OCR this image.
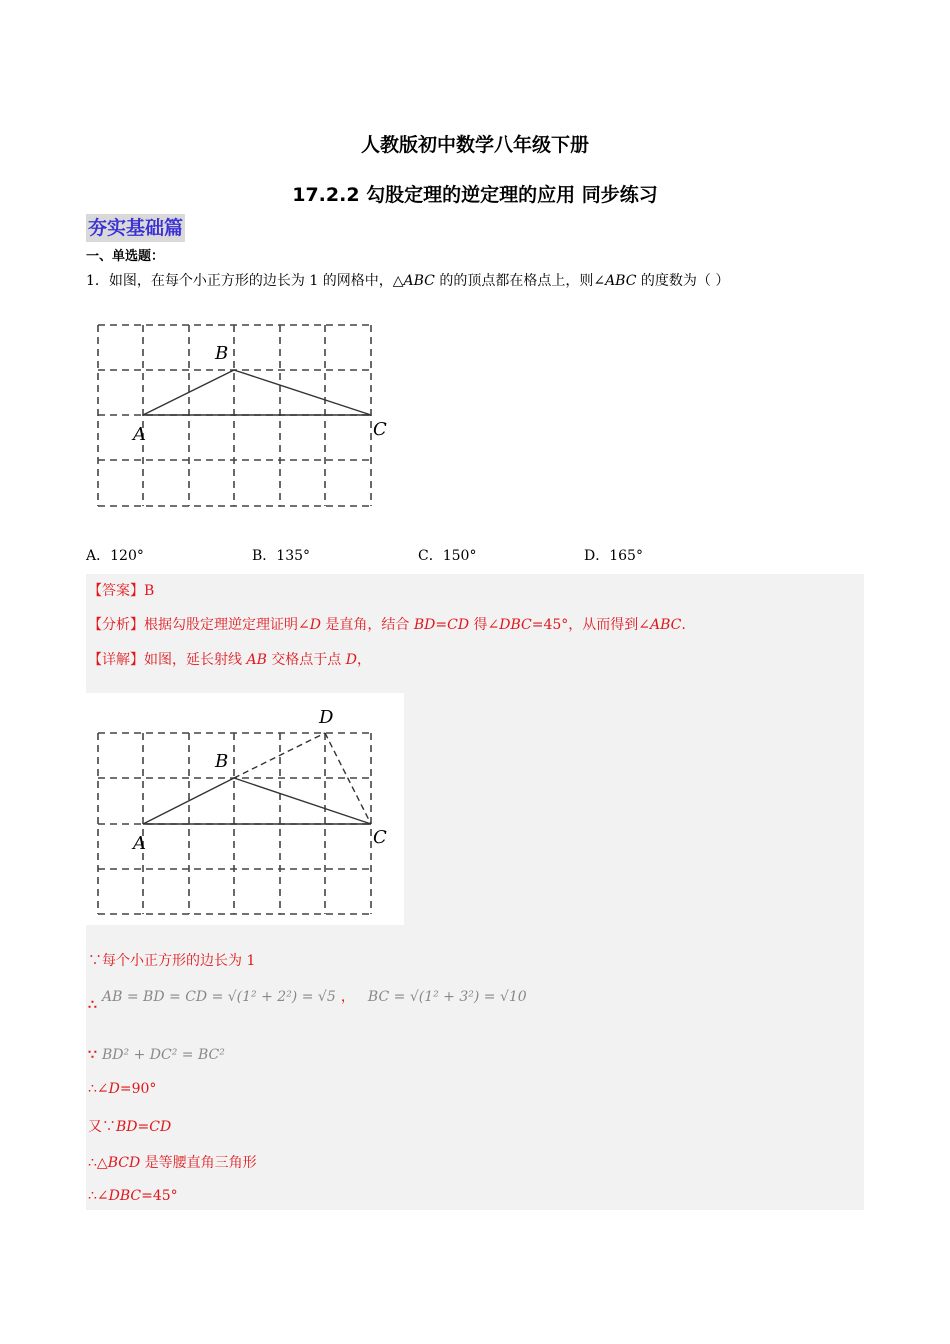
人教版初中数学八年级下册
17.2.2 勾股定理的逆定理的应用 同步练习
夯实基础篇
一、单选题：
1．如图，在每个小正方形的边长为 1 的网格中，△ABC 的的顶点都在格点上，则∠ABC 的度数为（ ）
A
B
C
A．120°	B．135°	C．150°	D．165°
【答案】B
【分析】根据勾股定理逆定理证明∠D 是直角，结合 BD=CD 得∠DBC=45°，从而得到∠ABC.
【详解】如图，延长射线 AB 交格点于点 D，
A
B
C
D
∵每个小正方形的边长为 1
∴ AB = BD = CD = √(1² + 2²) = √5 ， BC = √(1² + 3²) = √10
∵ BD² + DC² = BC²
∴∠D=90°
又∵BD=CD
∴△BCD 是等腰直角三角形
∴∠DBC=45°
